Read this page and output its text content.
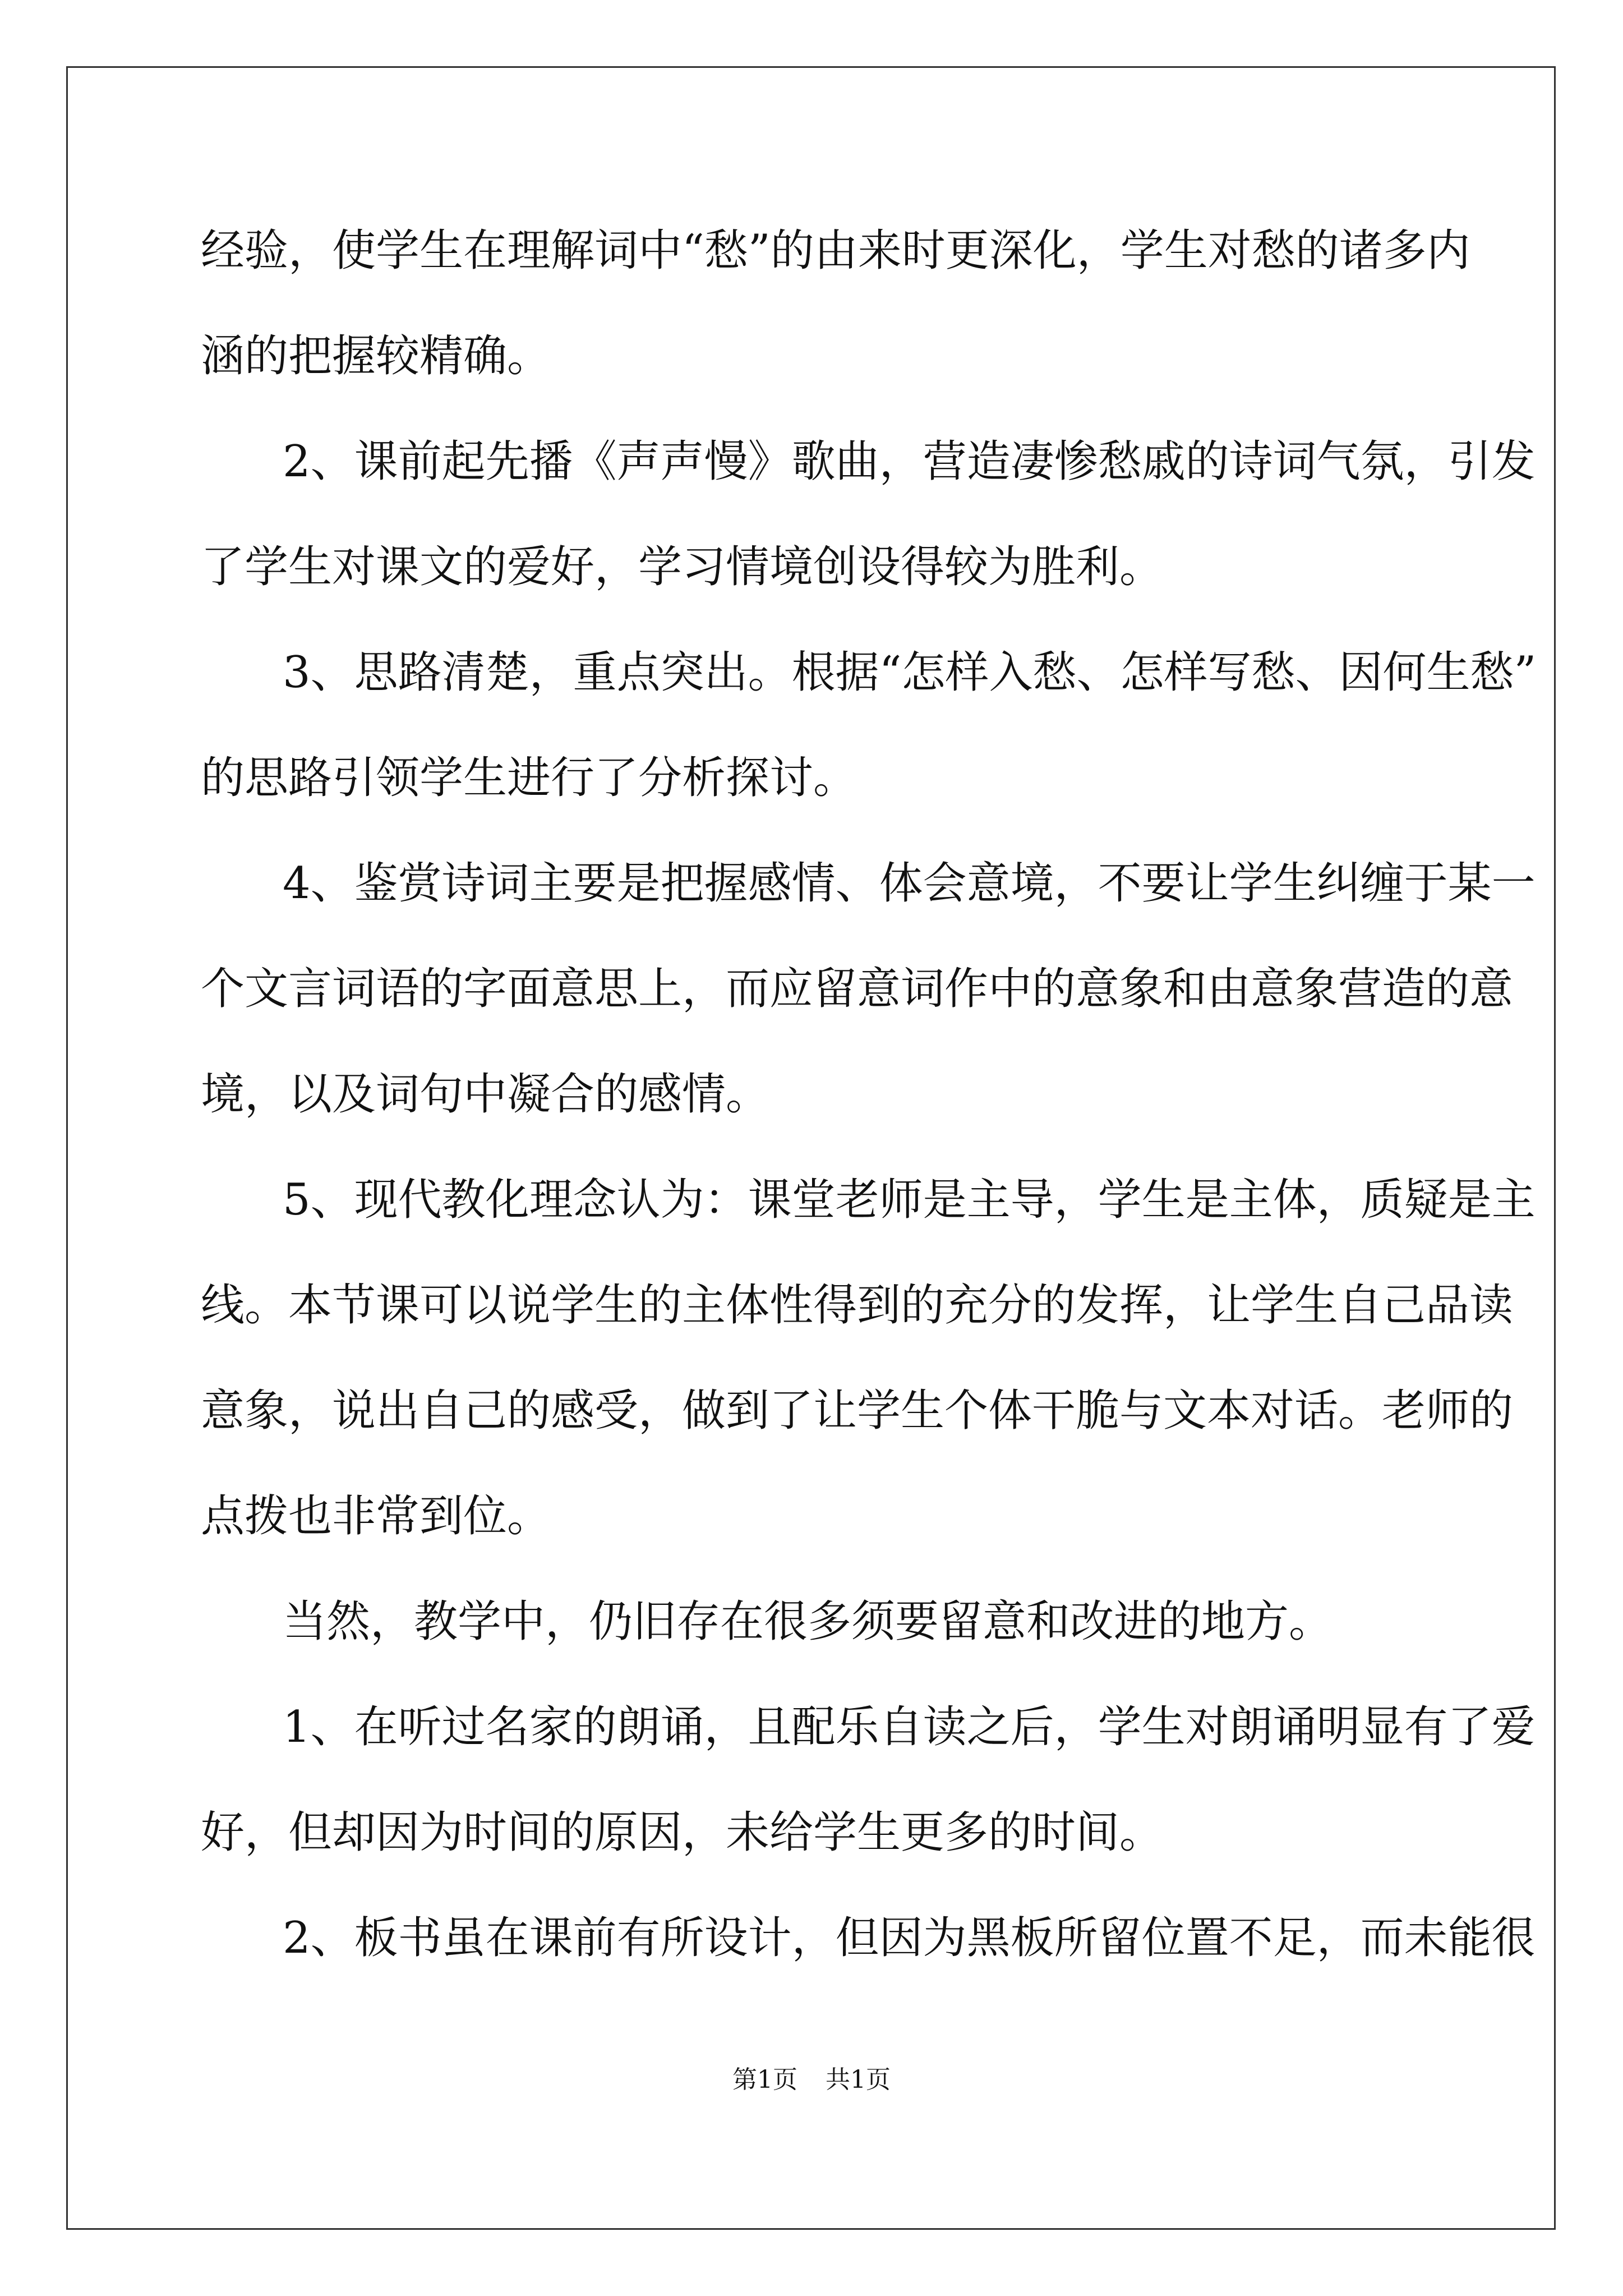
经验，使学生在理解词中“愁”的由来时更深化，学生对愁的诸多内
涵的把握较精确。
2、课前起先播《声声慢》歌曲，营造凄惨愁戚的诗词气氛，引发
了学生对课文的爱好，学习情境创设得较为胜利。
3、思路清楚，重点突出。根据“怎样入愁、怎样写愁、因何生愁”
的思路引领学生进行了分析探讨。
4、鉴赏诗词主要是把握感情、体会意境，不要让学生纠缠于某一
个文言词语的字面意思上，而应留意词作中的意象和由意象营造的意
境，以及词句中凝合的感情。
5、现代教化理念认为：课堂老师是主导，学生是主体，质疑是主
线。本节课可以说学生的主体性得到的充分的发挥，让学生自己品读
意象，说出自己的感受，做到了让学生个体干脆与文本对话。老师的
点拨也非常到位。
当然，教学中，仍旧存在很多须要留意和改进的地方。
1、在听过名家的朗诵，且配乐自读之后，学生对朗诵明显有了爱
好，但却因为时间的原因，未给学生更多的时间。
2、板书虽在课前有所设计，但因为黑板所留位置不足，而未能很
第1页 共1页
